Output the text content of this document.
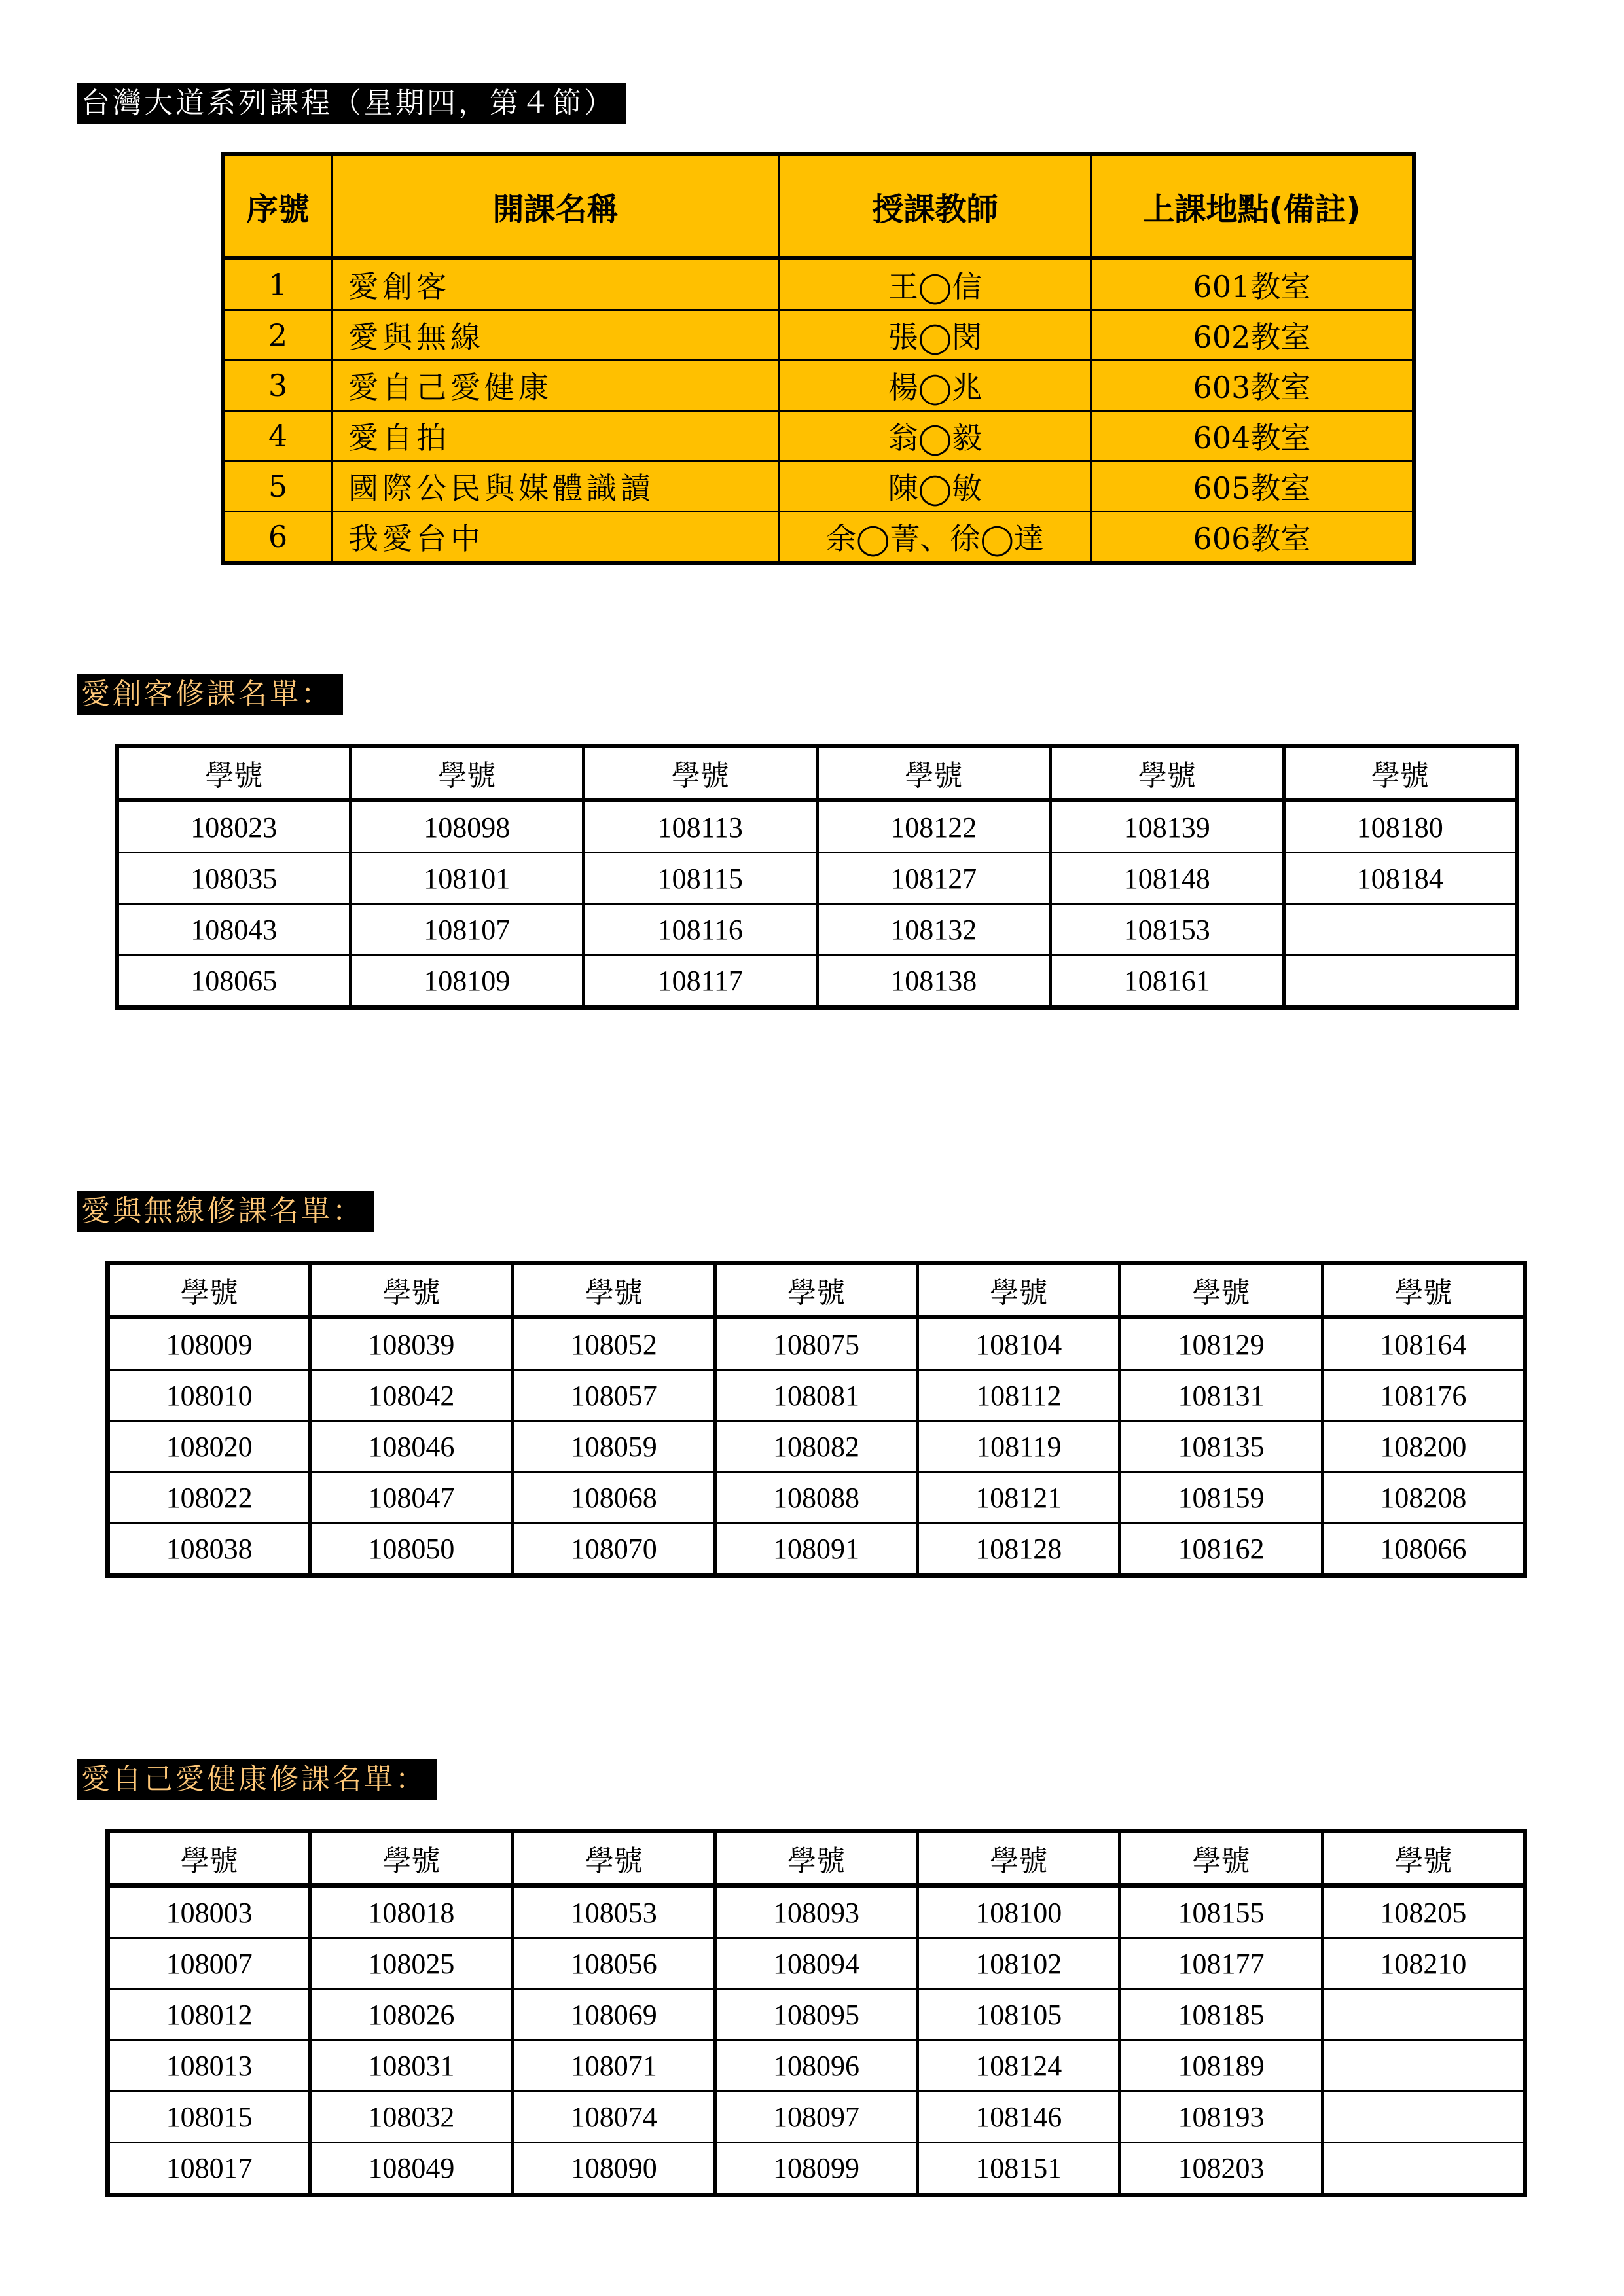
台灣大道系列課程（星期四，第４節）
序號	開課名稱	授課教師	上課地點(備註)
1	愛創客	王◯信	601教室
2	愛與無線	張◯閔	602教室
3	愛自己愛健康	楊◯兆	603教室
4	愛自拍	翁◯毅	604教室
5	國際公民與媒體識讀	陳◯敏	605教室
6	我愛台中	余◯菁、徐◯達	606教室
愛創客修課名單：
學號	學號	學號	學號	學號	學號
108023	108098	108113	108122	108139	108180
108035	108101	108115	108127	108148	108184
108043	108107	108116	108132	108153	
108065	108109	108117	108138	108161	
愛與無線修課名單：
學號	學號	學號	學號	學號	學號	學號
108009	108039	108052	108075	108104	108129	108164
108010	108042	108057	108081	108112	108131	108176
108020	108046	108059	108082	108119	108135	108200
108022	108047	108068	108088	108121	108159	108208
108038	108050	108070	108091	108128	108162	108066
愛自己愛健康修課名單：
學號	學號	學號	學號	學號	學號	學號
108003	108018	108053	108093	108100	108155	108205
108007	108025	108056	108094	108102	108177	108210
108012	108026	108069	108095	108105	108185	
108013	108031	108071	108096	108124	108189	
108015	108032	108074	108097	108146	108193	
108017	108049	108090	108099	108151	108203	
